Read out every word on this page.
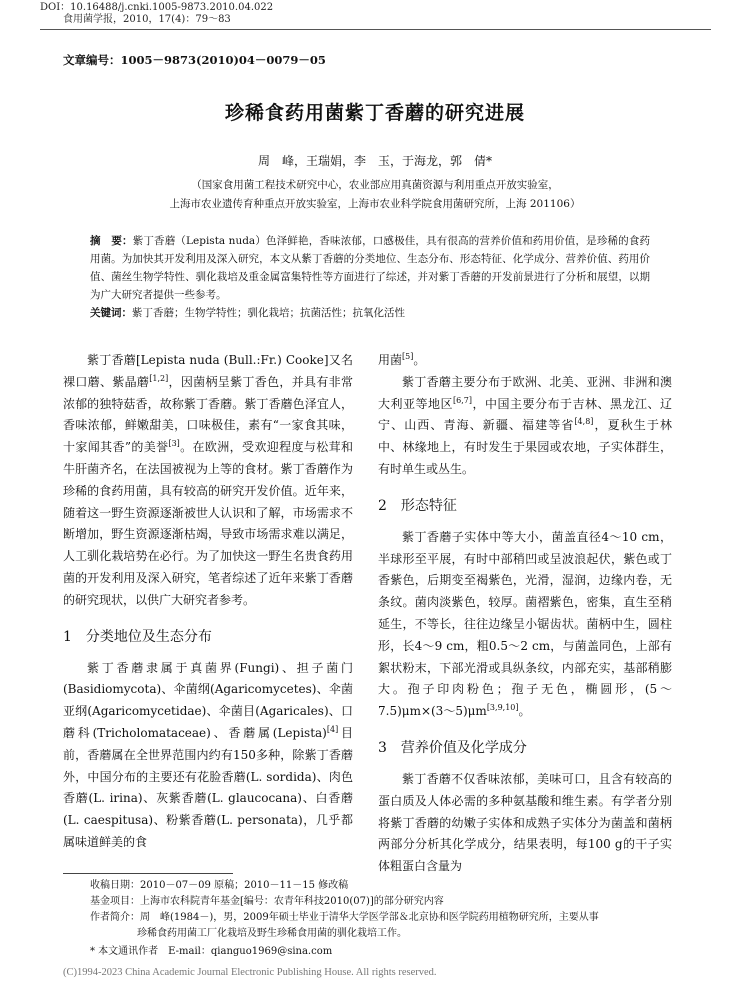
DOI：10.16488/j.cnki.1005-9873.2010.04.022
食用菌学报，2010，17(4)：79～83
文章编号：1005－9873(2010)04－0079－05
珍稀食药用菌紫丁香蘑的研究进展
周　峰，王瑞娟，李　玉，于海龙，郭　倩*
（国家食用菌工程技术研究中心，农业部应用真菌资源与利用重点开放实验室，
上海市农业遗传育种重点开放实验室，上海市农业科学院食用菌研究所，上海 201106）
摘　要：紫丁香蘑（Lepista nuda）色泽鲜艳，香味浓郁，口感极佳，具有很高的营养价值和药用价值，是珍稀的食药用菌。为加快其开发利用及深入研究，本文从紫丁香蘑的分类地位、生态分布、形态特征、化学成分、营养价值、药用价值、菌丝生物学特性、驯化栽培及重金属富集特性等方面进行了综述，并对紫丁香蘑的开发前景进行了分析和展望，以期为广大研究者提供一些参考。
关键词：紫丁香蘑；生物学特性；驯化栽培；抗菌活性；抗氧化活性

紫丁香蘑[Lepista nuda (Bull.:Fr.) Cooke]又名裸口蘑、紫晶蘑[1,2]，因菌柄呈紫丁香色，并具有非常浓郁的独特菇香，故称紫丁香蘑。紫丁香蘑色泽宜人，香味浓郁，鲜嫩甜美，口味极佳，素有“一家食其味，十家闻其香”的美誉[3]。在欧洲，受欢迎程度与松茸和牛肝菌齐名，在法国被视为上等的食材。紫丁香蘑作为珍稀的食药用菌，具有较高的研究开发价值。近年来，随着这一野生资源逐渐被世人认识和了解，市场需求不断增加，野生资源逐渐枯竭，导致市场需求难以满足，人工驯化栽培势在必行。为了加快这一野生名贵食药用菌的开发利用及深入研究，笔者综述了近年来紫丁香蘑的研究现状，以供广大研究者参考。

1 分类地位及生态分布

紫丁香蘑隶属于真菌界(Fungi)、担子菌门(Basidiomycota)、伞菌纲(Agaricomycetes)、伞菌亚纲(Agaricomycetidae)、伞菌目(Agaricales)、口蘑科(Tricholomataceae)、香蘑属(Lepista)[4]目前，香蘑属在全世界范围内约有150多种，除紫丁香蘑外，中国分布的主要还有花脸香蘑(L. sordida)、肉色香蘑(L. irina)、灰紫香蘑(L. glaucocana)、白香蘑(L. caespitusa)、粉紫香蘑(L. personata)，几乎都属味道鲜美的食

用菌[5]。

紫丁香蘑主要分布于欧洲、北美、亚洲、非洲和澳大利亚等地区[6,7]，中国主要分布于吉林、黑龙江、辽宁、山西、青海、新疆、福建等省[4,8]，夏秋生于林中、林缘地上，有时发生于果园或农地，子实体群生，有时单生或丛生。

2 形态特征

紫丁香蘑子实体中等大小，菌盖直径4～10 cm，半球形至平展，有时中部稍凹或呈波浪起伏，紫色或丁香紫色，后期变至褐紫色，光滑，湿润，边缘内卷，无条纹。菌肉淡紫色，较厚。菌褶紫色，密集，直生至稍延生，不等长，往往边缘呈小锯齿状。菌柄中生，圆柱形，长4～9 cm，粗0.5～2 cm，与菌盖同色，上部有絮状粉末，下部光滑或具纵条纹，内部充实，基部稍膨大。孢子印肉粉色；孢子无色，椭圆形，(5～7.5)μm×(3～5)μm[3,9,10]。

3 营养价值及化学成分

紫丁香蘑不仅香味浓郁，美味可口，且含有较高的蛋白质及人体必需的多种氨基酸和维生素。有学者分别将紫丁香蘑的幼嫩子实体和成熟子实体分为菌盖和菌柄两部分分析其化学成分，结果表明，每100 g的干子实体粗蛋白含量为

收稿日期：2010－07－09 原稿；2010－11－15 修改稿
基金项目：上海市农科院青年基金[编号：农青年科技2010(07)]的部分研究内容
作者简介：周　峰(1984－)，男，2009年硕士毕业于清华大学医学部＆北京协和医学院药用植物研究所，主要从事
珍稀食药用菌工厂化栽培及野生珍稀食用菌的驯化栽培工作。
* 本文通讯作者　E-mail：qianguo1969@sina.com
(C)1994-2023 China Academic Journal Electronic Publishing House. All rights reserved.
